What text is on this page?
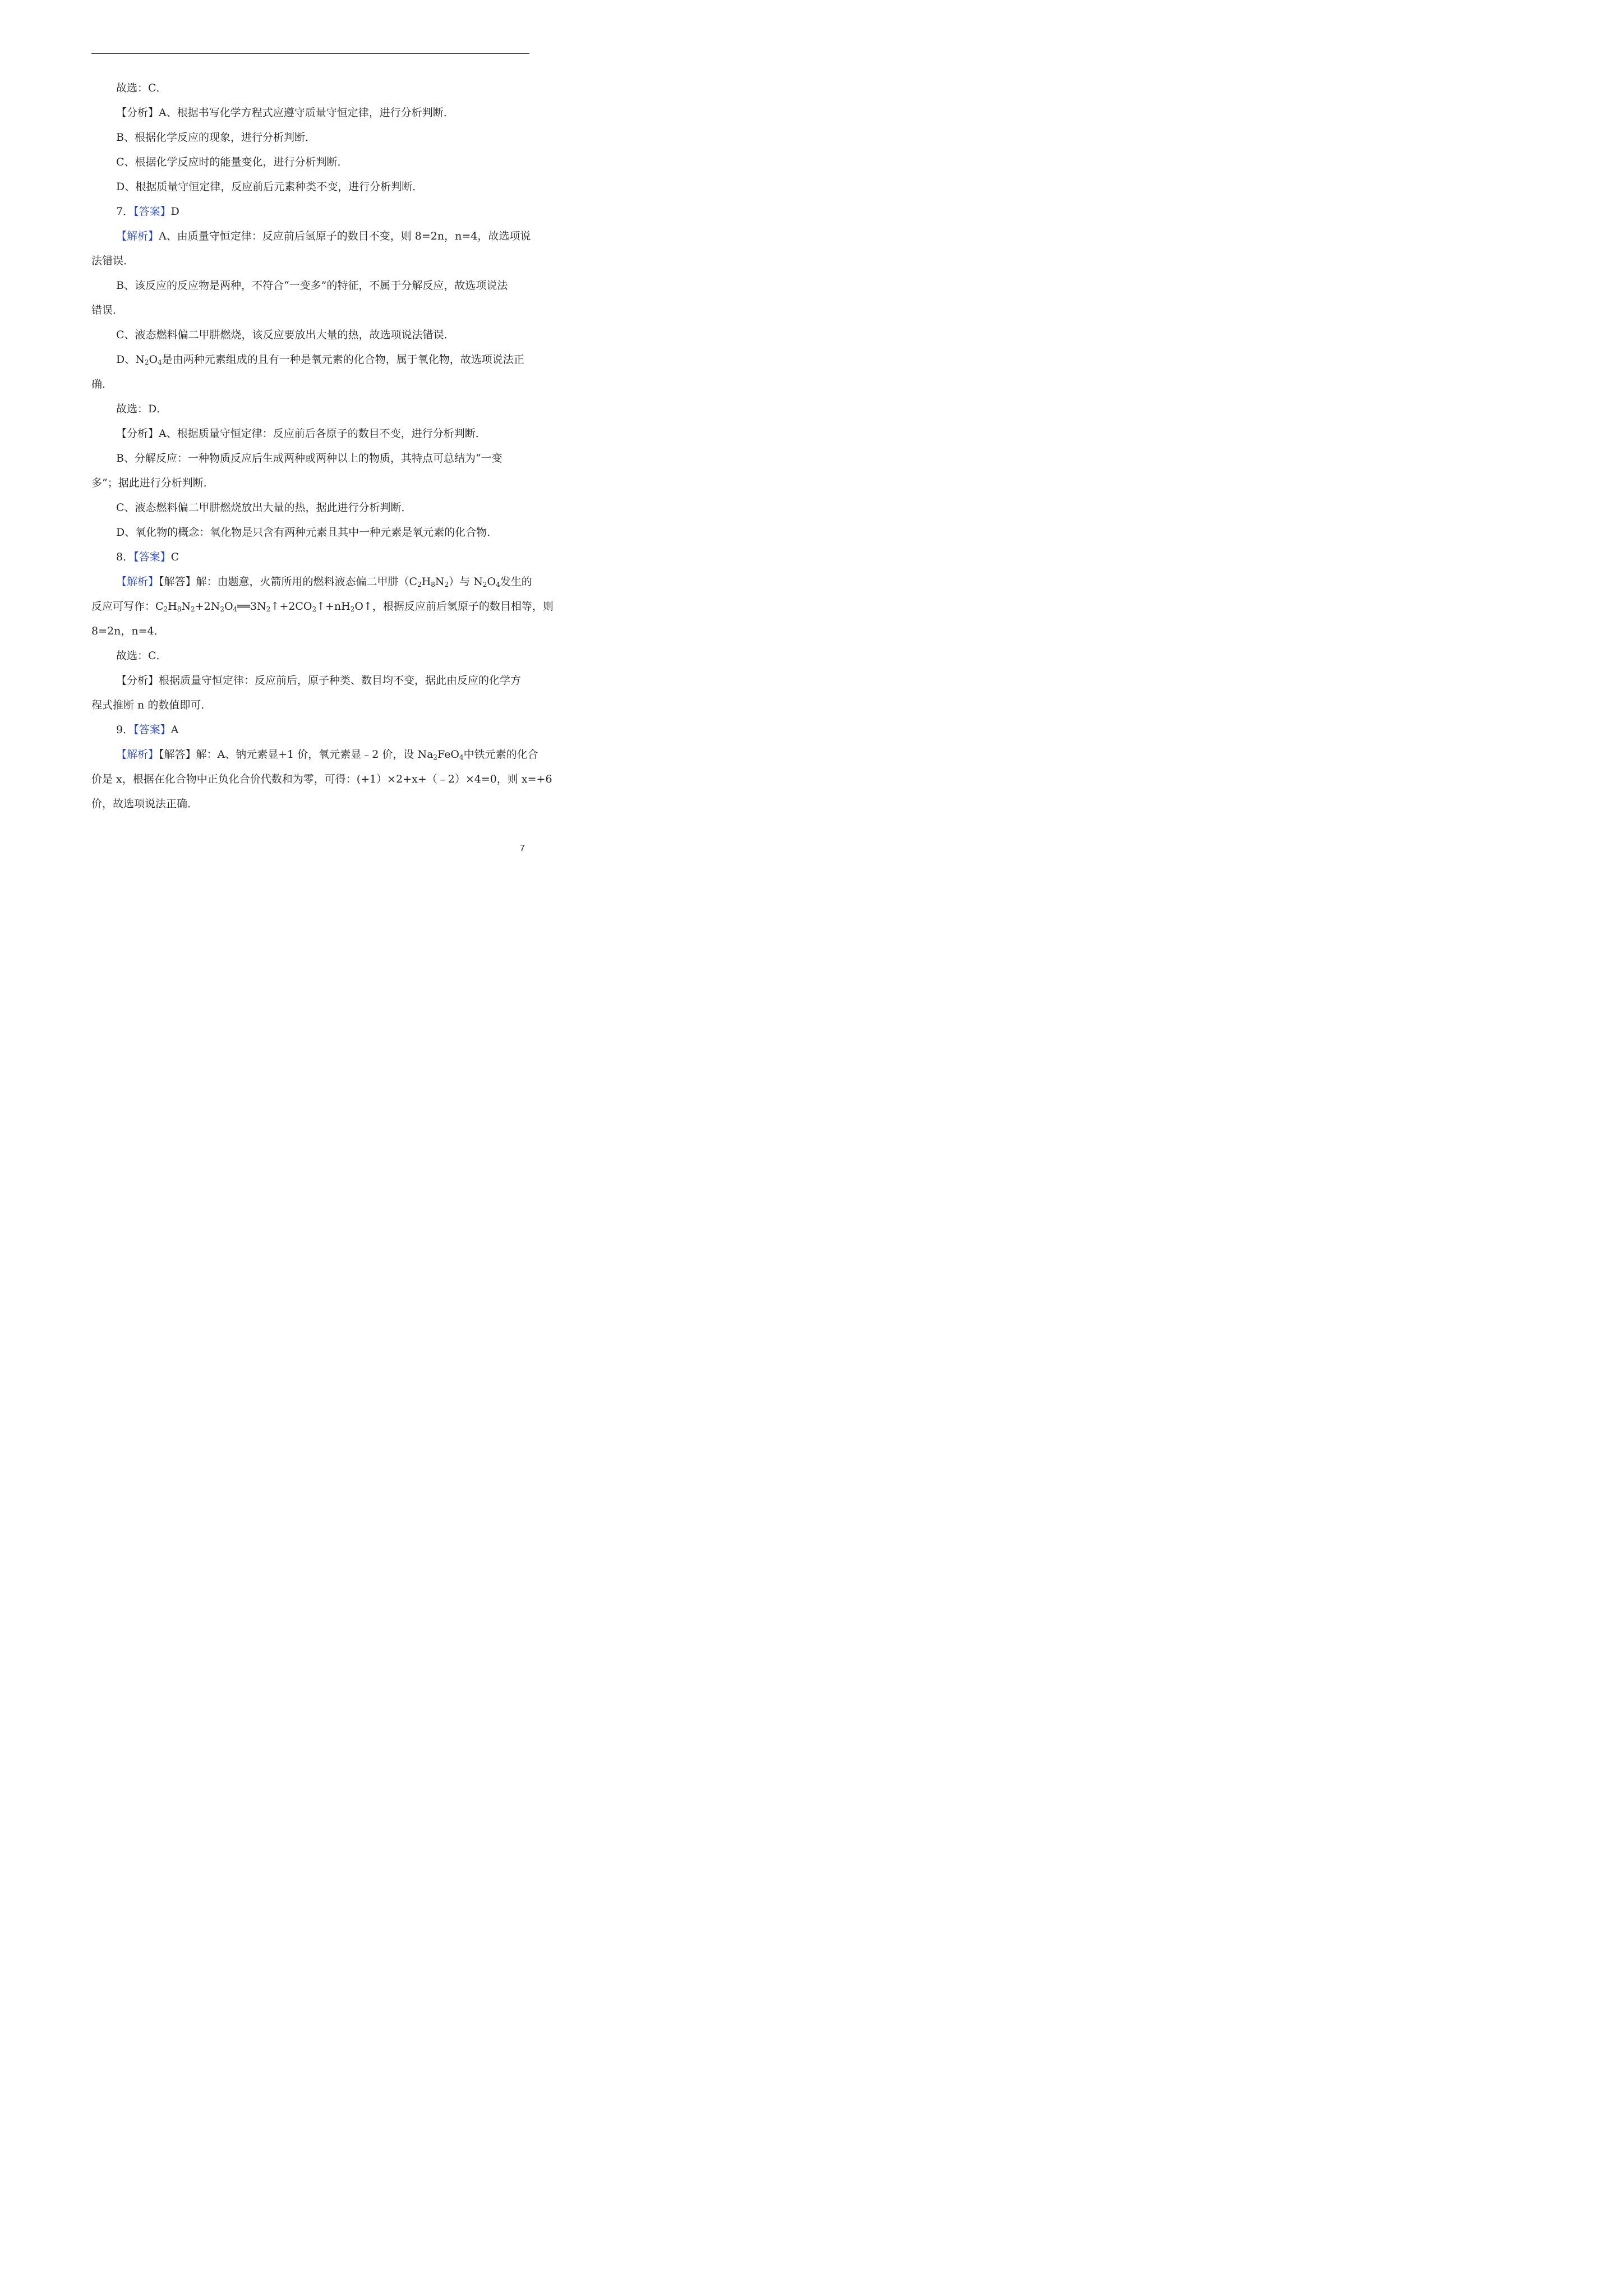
故选：C．
【分析】A、根据书写化学方程式应遵守质量守恒定律，进行分析判断．
B、根据化学反应的现象，进行分析判断．
C、根据化学反应时的能量变化，进行分析判断．
D、根据质量守恒定律，反应前后元素种类不变，进行分析判断．
7．【答案】D
【解析】A、由质量守恒定律：反应前后氢原子的数目不变，则 8=2n，n=4，故选项说
法错误．
B、该反应的反应物是两种，不符合“一变多”的特征，不属于分解反应，故选项说法
错误．
C、液态燃料偏二甲肼燃烧，该反应要放出大量的热，故选项说法错误．
D、$N_2O_4$是由两种元素组成的且有一种是氧元素的化合物，属于氧化物，故选项说法正
确．
故选：D．
【分析】A、根据质量守恒定律：反应前后各原子的数目不变，进行分析判断．
B、分解反应：一种物质反应后生成两种或两种以上的物质，其特点可总结为“一变
多”；据此进行分析判断．
C、液态燃料偏二甲肼燃烧放出大量的热，据此进行分析判断．
D、氧化物的概念：氧化物是只含有两种元素且其中一种元素是氧元素的化合物．
8．【答案】C
【解析】【解答】解：由题意，火箭所用的燃料液态偏二甲肼$(C_2H_8N_2)$与 $N_2O_4$发生的
反应可写作：$C_2H_8N_2+2N_2O_4══3N_2↑+2CO_2↑+nH_2O↑$，根据反应前后氢原子的数目相等，则
8=2n，n=4．
故选：C．
【分析】根据质量守恒定律：反应前后，原子种类、数目均不变，据此由反应的化学方
程式推断 n 的数值即可．
9．【答案】A
【解析】【解答】解：A、钠元素显+1 价，氧元素显﹣2 价，设 $Na_2FeO_4$中铁元素的化合
价是 x，根据在化合物中正负化合价代数和为零，可得：(+1）×2+x+（﹣2）×4=0，则 x=+6
价，故选项说法正确．
7
